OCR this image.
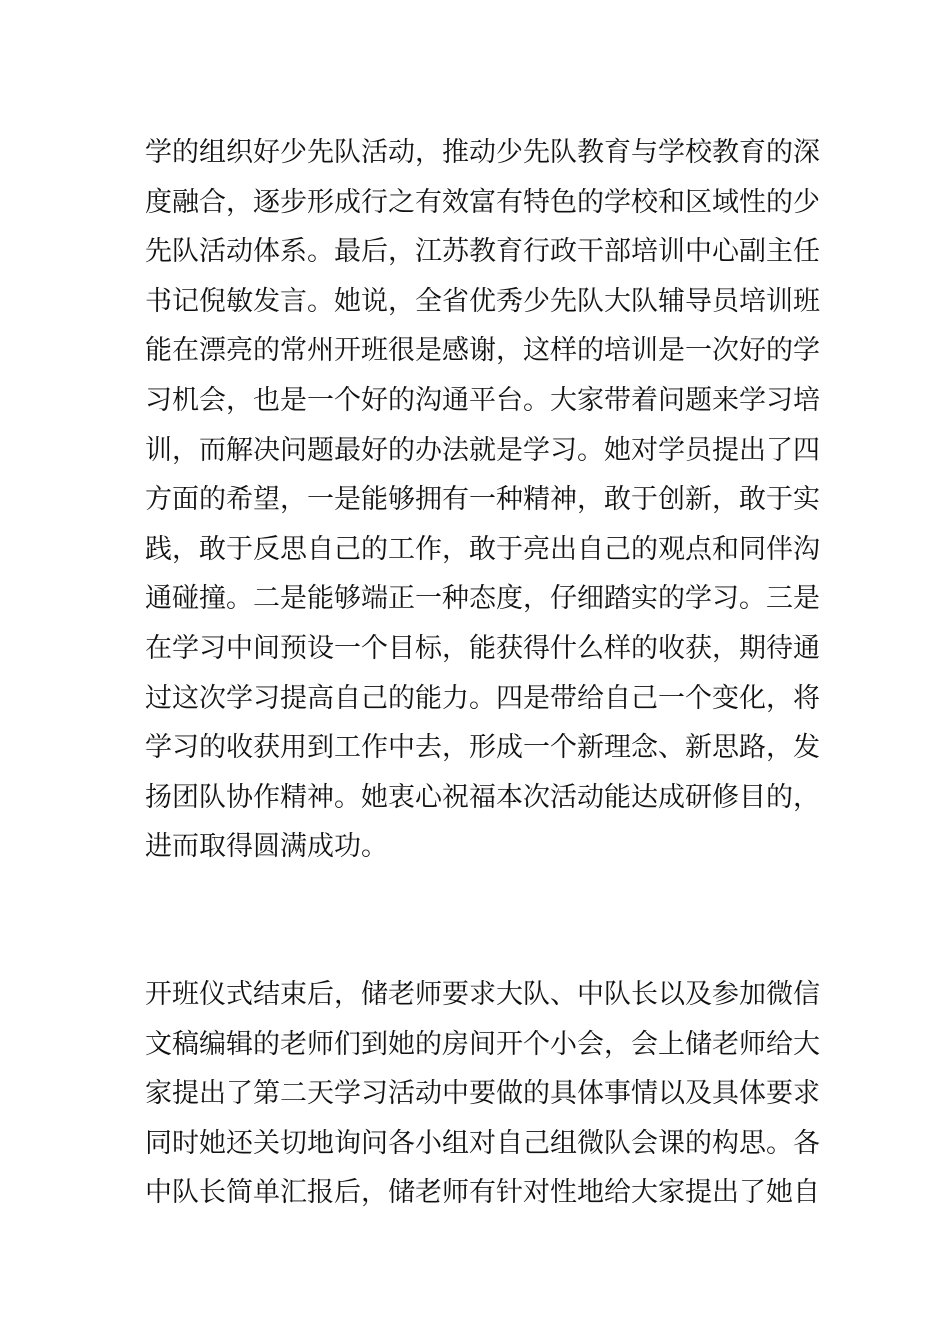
学的组织好少先队活动，推动少先队教育与学校教育的深
度融合，逐步形成行之有效富有特色的学校和区域性的少
先队活动体系。最后，江苏教育行政干部培训中心副主任
书记倪敏发言。她说，全省优秀少先队大队辅导员培训班
能在漂亮的常州开班很是感谢，这样的培训是一次好的学
习机会，也是一个好的沟通平台。大家带着问题来学习培
训，而解决问题最好的办法就是学习。她对学员提出了四
方面的希望，一是能够拥有一种精神，敢于创新，敢于实
践，敢于反思自己的工作，敢于亮出自己的观点和同伴沟
通碰撞。二是能够端正一种态度，仔细踏实的学习。三是
在学习中间预设一个目标，能获得什么样的收获，期待通
过这次学习提高自己的能力。四是带给自己一个变化，将
学习的收获用到工作中去，形成一个新理念、新思路，发
扬团队协作精神。她衷心祝福本次活动能达成研修目的，
进而取得圆满成功。
开班仪式结束后，储老师要求大队、中队长以及参加微信
文稿编辑的老师们到她的房间开个小会，会上储老师给大
家提出了第二天学习活动中要做的具体事情以及具体要求
同时她还关切地询问各小组对自己组微队会课的构思。各
中队长简单汇报后，储老师有针对性地给大家提出了她自
